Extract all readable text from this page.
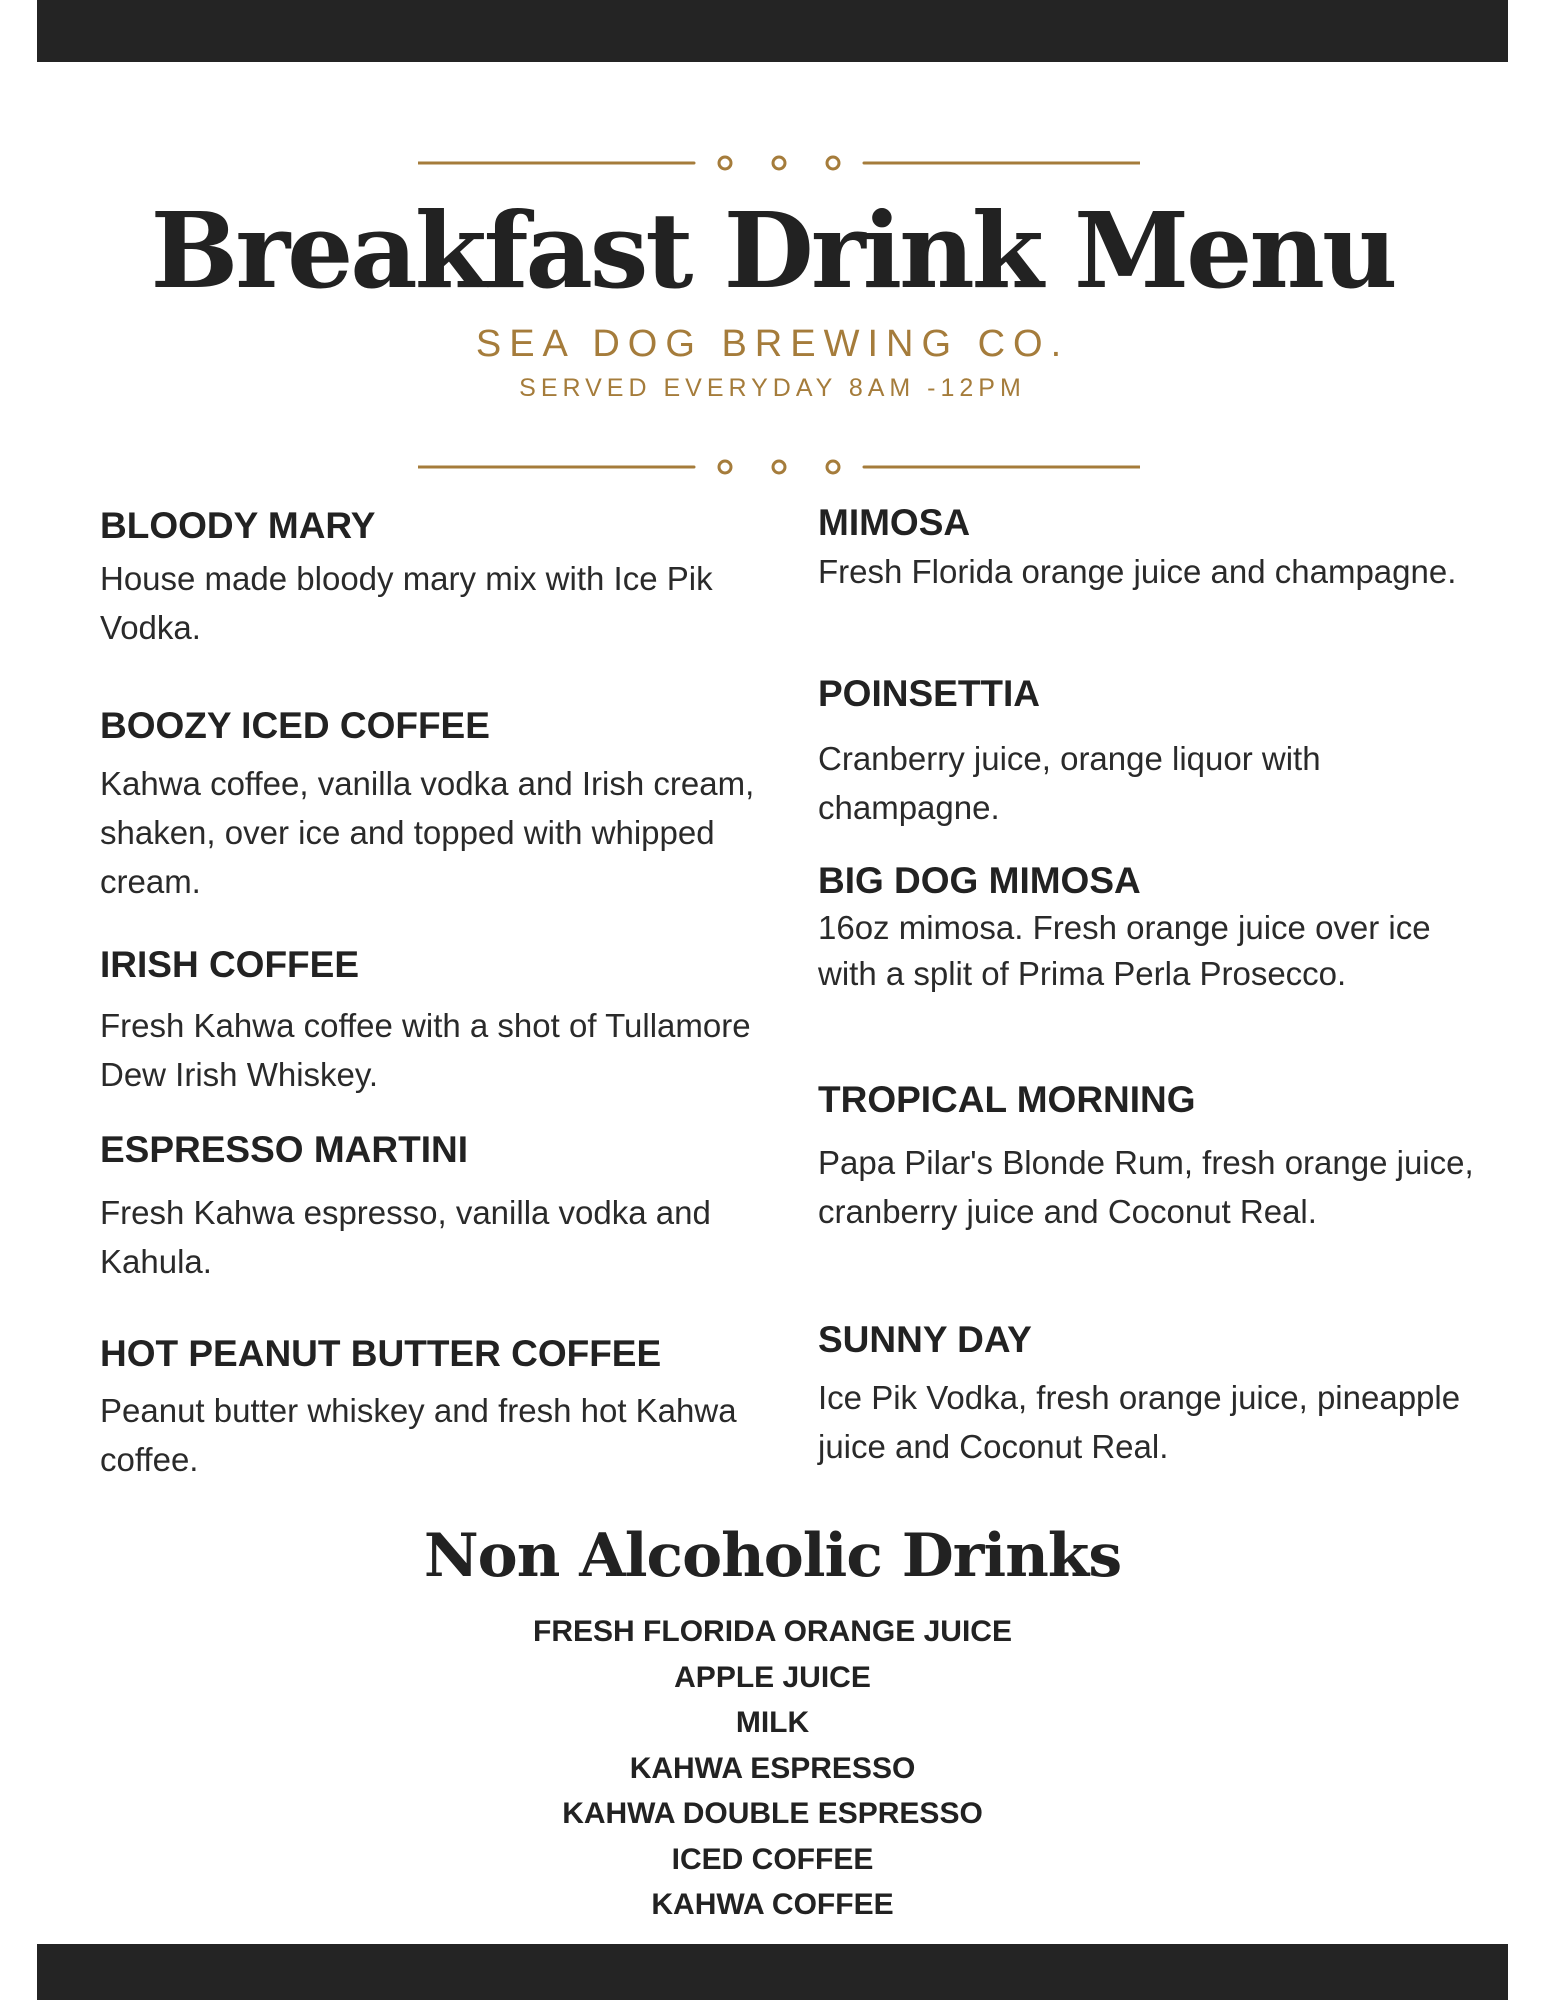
Breakfast Drink Menu
SEA DOG BREWING CO.
SERVED EVERYDAY 8AM -12PM
BLOODY MARY
House made bloody mary mix with Ice Pik Vodka.
BOOZY ICED COFFEE
Kahwa coffee, vanilla vodka and Irish cream, shaken, over ice and topped with whipped cream.
IRISH COFFEE
Fresh Kahwa coffee with a shot of Tullamore Dew Irish Whiskey.
ESPRESSO MARTINI
Fresh Kahwa espresso, vanilla vodka and Kahula.
HOT PEANUT BUTTER COFFEE
Peanut butter whiskey and fresh hot Kahwa coffee.
MIMOSA
Fresh Florida orange juice and champagne.
POINSETTIA
Cranberry juice, orange liquor with champagne.
BIG DOG MIMOSA
16oz mimosa. Fresh orange juice over ice with a split of Prima Perla Prosecco.
TROPICAL MORNING
Papa Pilar's Blonde Rum, fresh orange juice, cranberry juice and Coconut Real.
SUNNY DAY
Ice Pik Vodka, fresh orange juice, pineapple juice and Coconut Real.
Non Alcoholic Drinks
FRESH FLORIDA ORANGE JUICE
APPLE JUICE
MILK
KAHWA ESPRESSO
KAHWA DOUBLE ESPRESSO
ICED COFFEE
KAHWA COFFEE
